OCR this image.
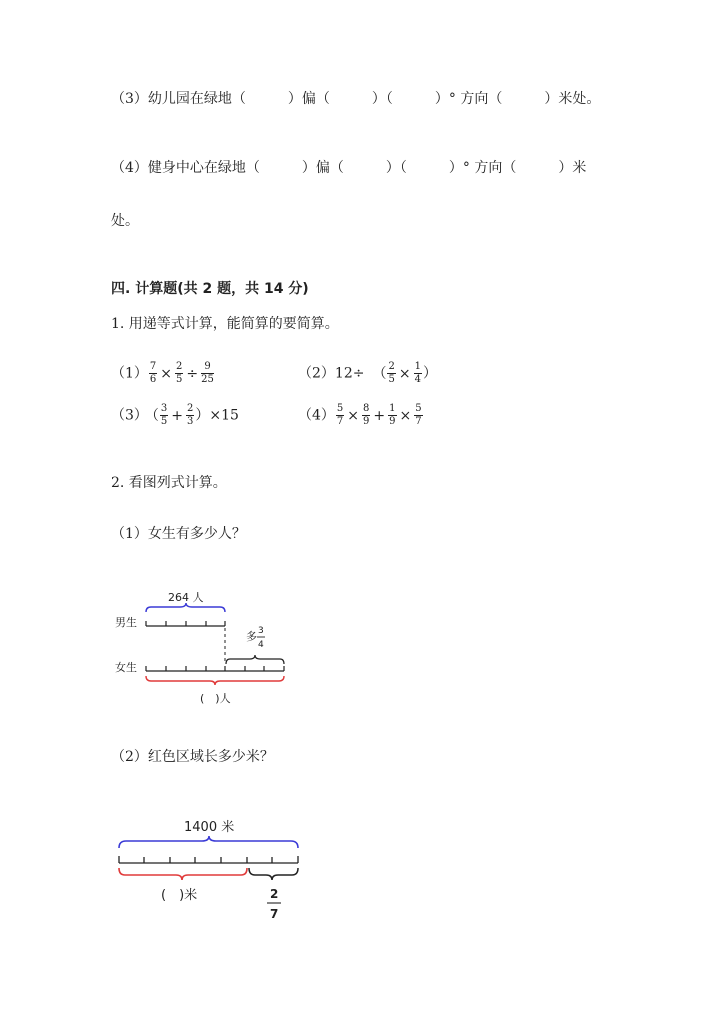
（3）幼儿园在绿地（　　　）偏（　　　）（　　　）° 方向（　　　）米处。
（4）健身中心在绿地（　　　）偏（　　　）（　　　）° 方向（　　　）米
处。
四. 计算题(共 2 题，共 14 分)
1. 用递等式计算，能简算的要简算。
$(1) \frac{7}{6} \times \frac{2}{5} \div \frac{9}{25}$	（2）12÷ （ $\frac{2}{5} \times \frac{1}{4}$ ）
（3） （ $\frac{3}{5} + \frac{2}{3} )\times 15$	$(4) \frac{5}{7} \times \frac{8}{9} + \frac{1}{9} \times \frac{5}{7}$
2. 看图列式计算。
（1）女生有多少人？
264 人
男生
多 3
4
女生
(　)人
（2）红色区域长多少米？
1400 米
(　)米	2
7
